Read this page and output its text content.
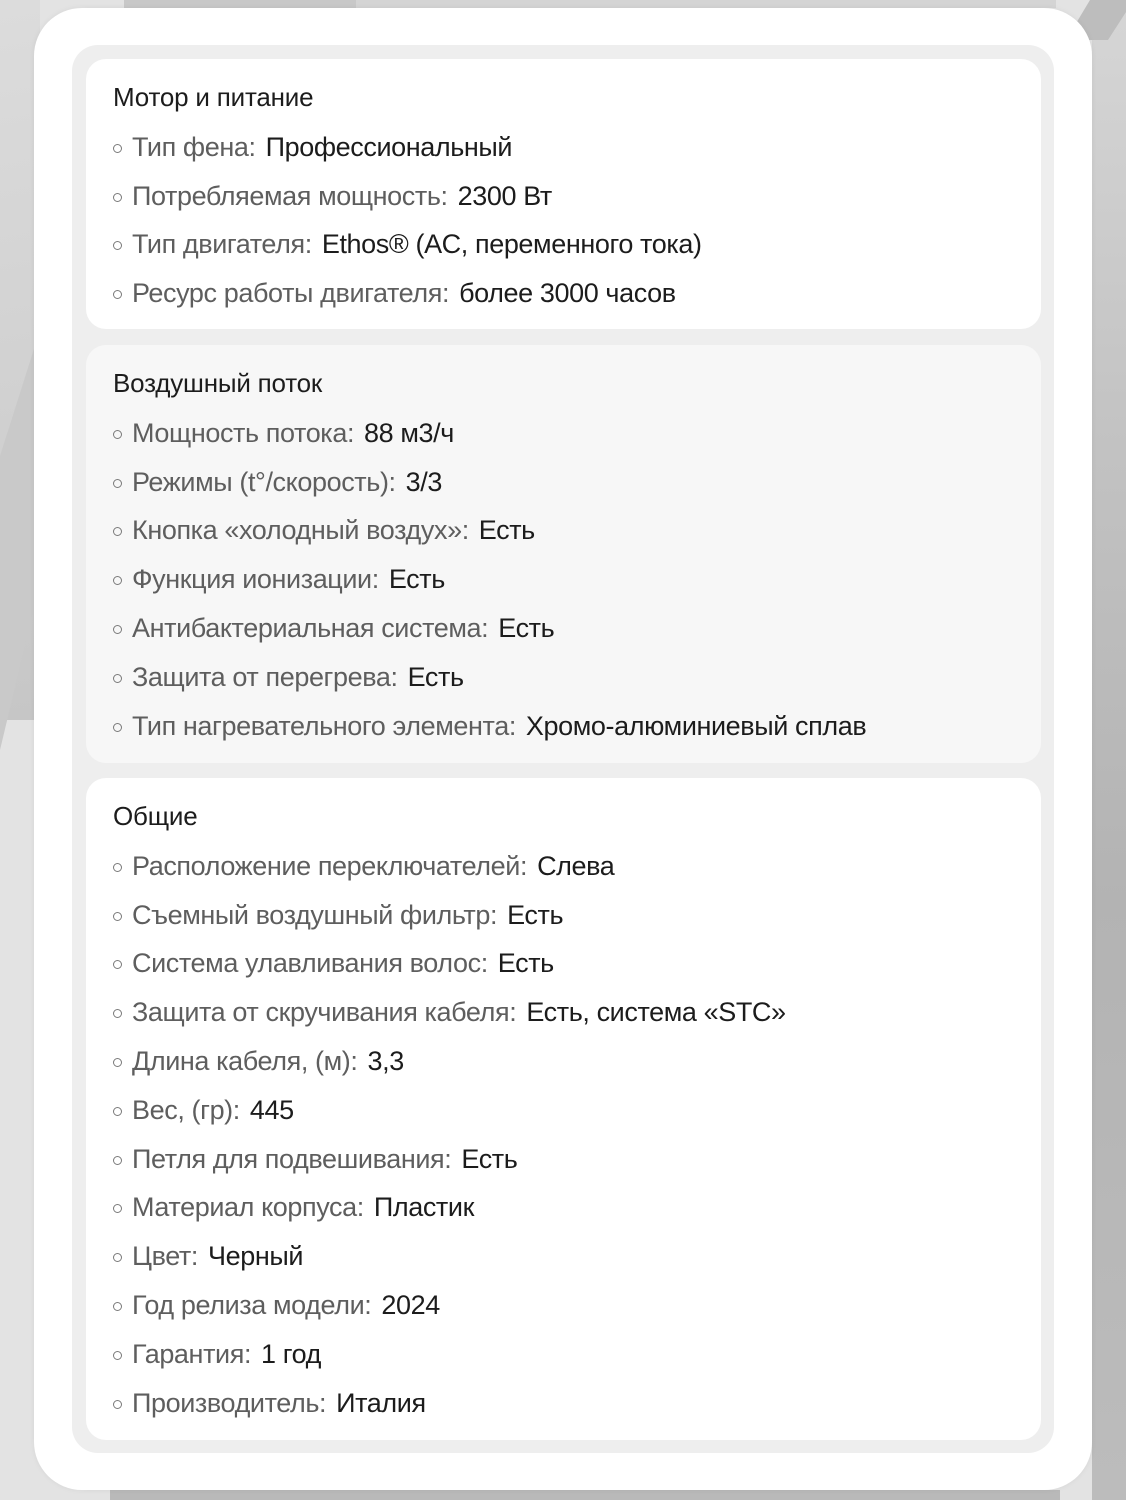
Мотор и питание
Тип фена : Профессиональный
Потребляемая мощность : 2300 Вт
Тип двигателя : Ethos® (AC, переменного тока)
Ресурс работы двигателя : более 3000 часов
Воздушный поток
Мощность потока : 88 м3/ч
Режимы (t°/скорость) : 3/3
Кнопка «холодный воздух» : Есть
Функция ионизации : Есть
Антибактериальная система : Есть
Защита от перегрева : Есть
Тип нагревательного элемента : Хромо-алюминиевый сплав
Общие
Расположение переключателей : Слева
Съемный воздушный фильтр : Есть
Система улавливания волос : Есть
Защита от скручивания кабеля : Есть, система «STC»
Длина кабеля, (м) : 3,3
Вес, (гр) : 445
Петля для подвешивания : Есть
Материал корпуса : Пластик
Цвет : Черный
Год релиза модели : 2024
Гарантия : 1 год
Производитель : Италия
